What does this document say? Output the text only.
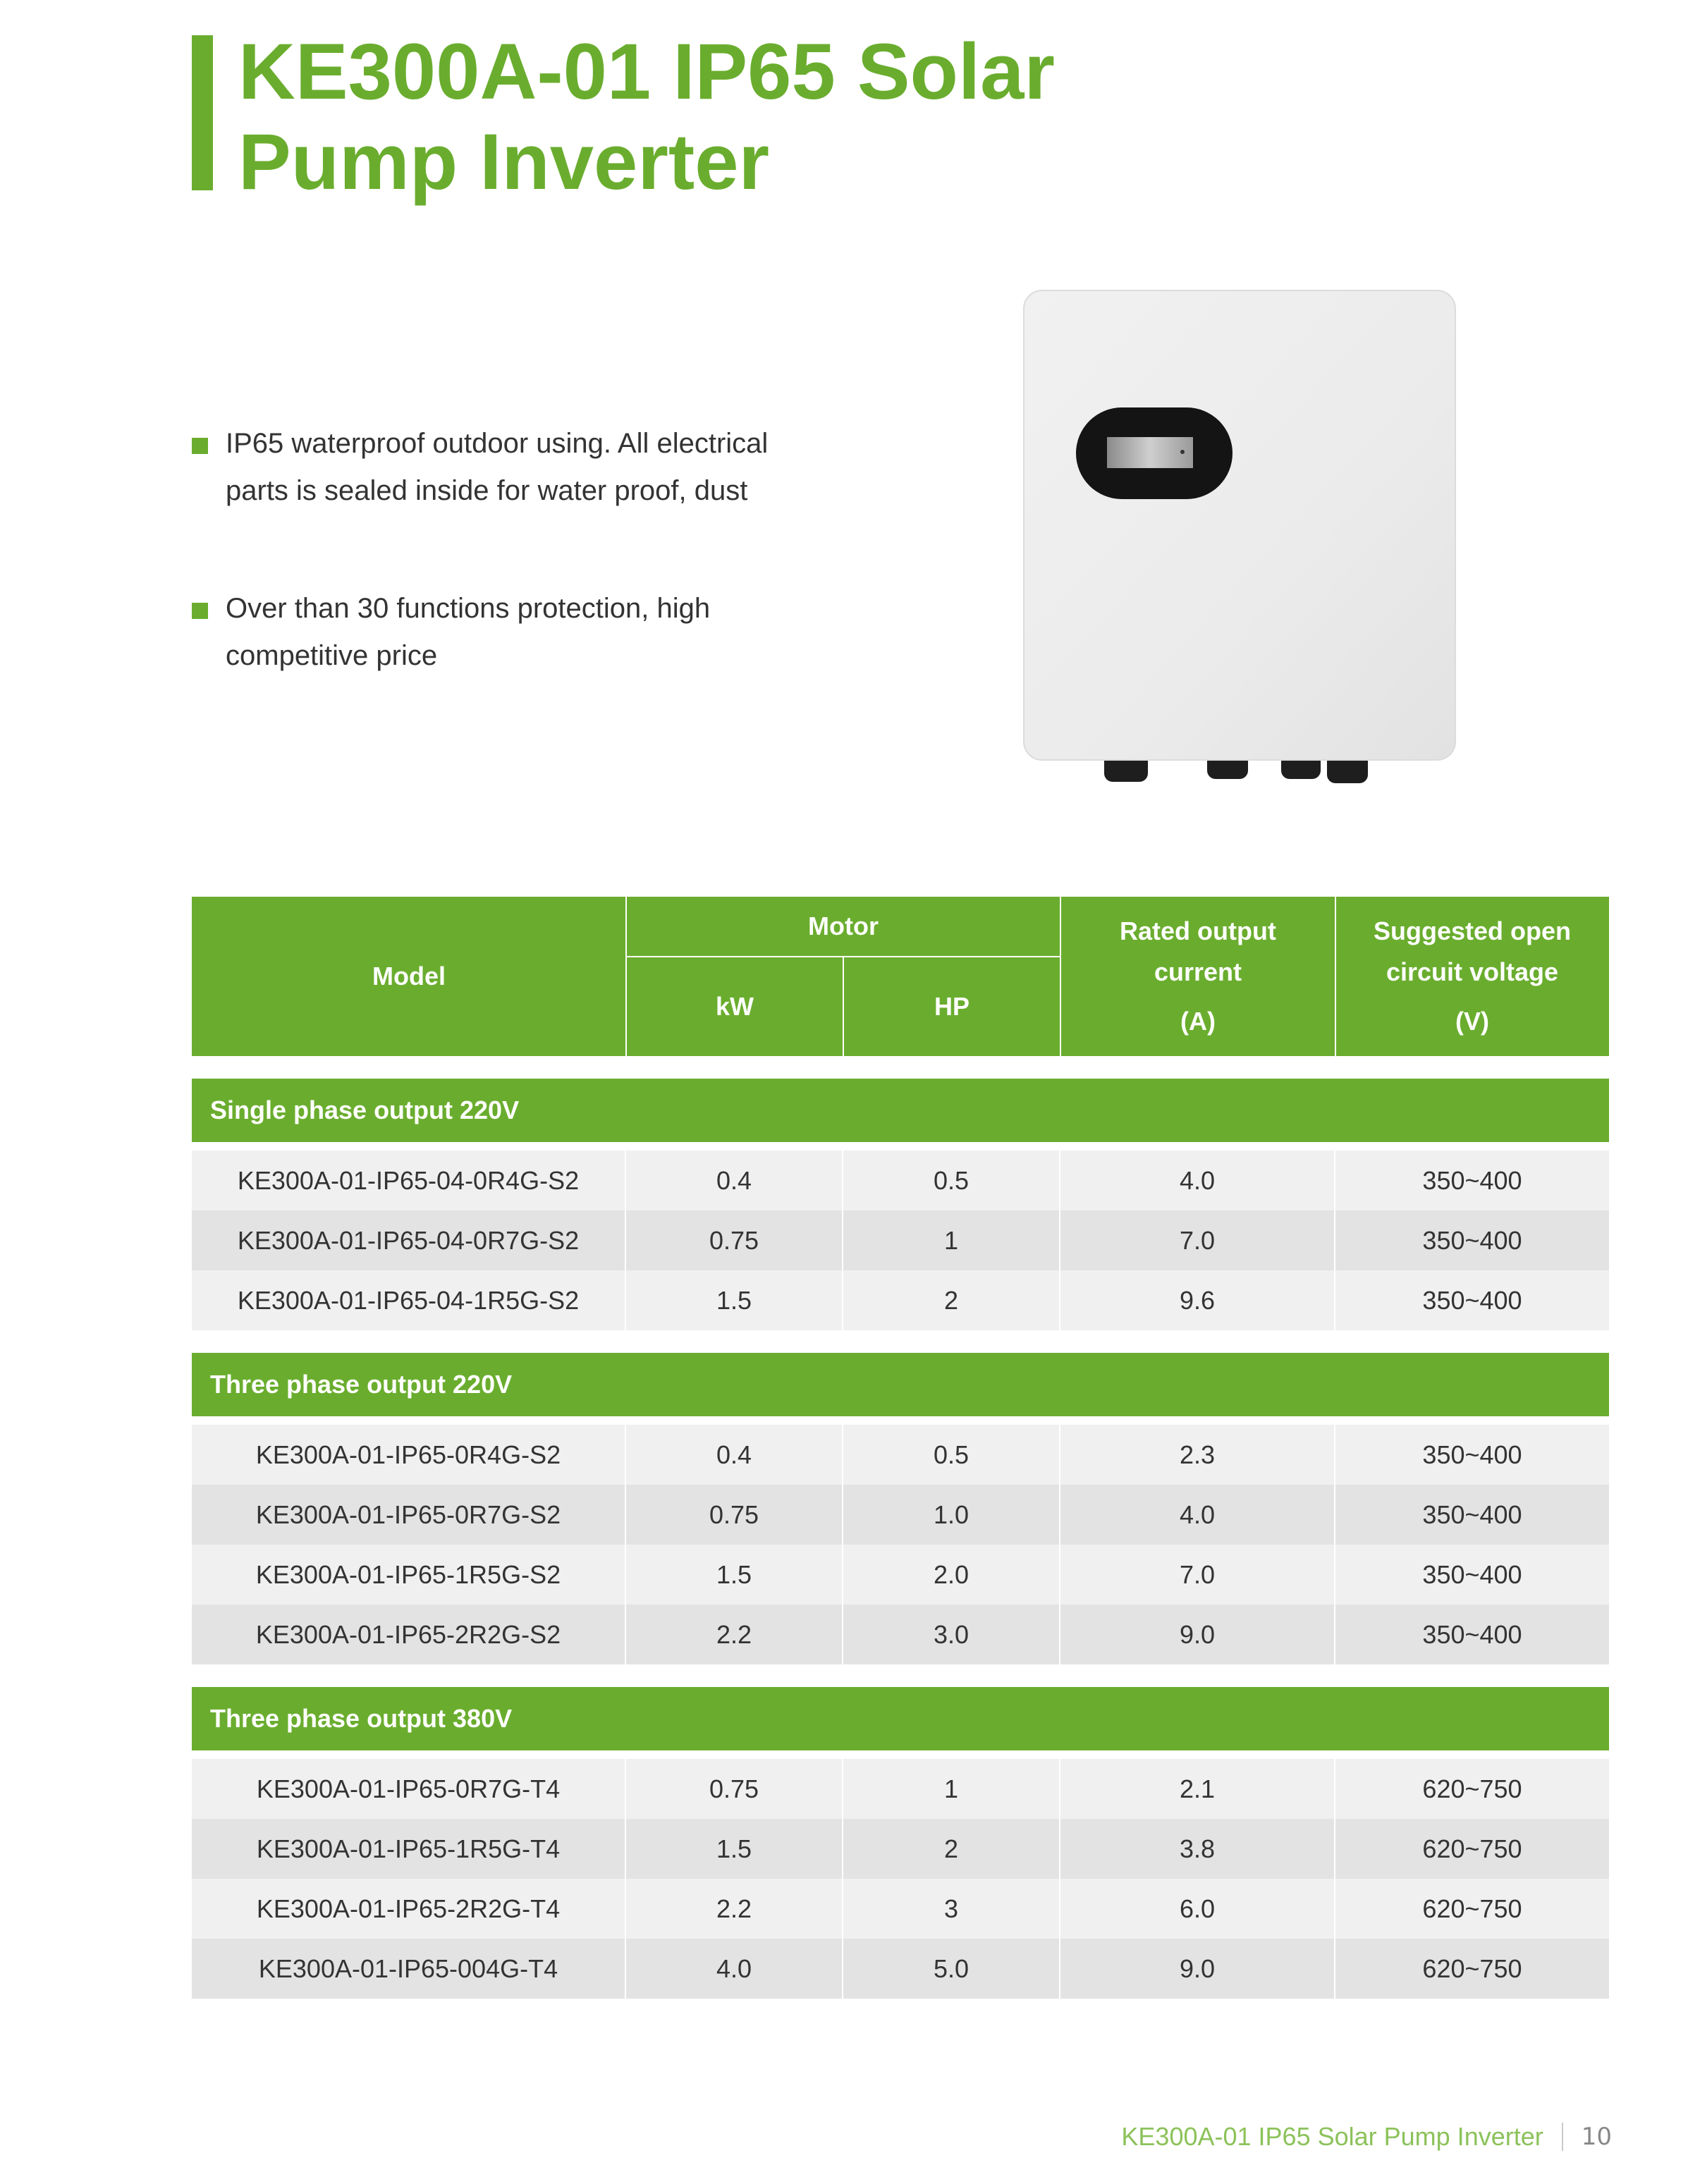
KE300A-01 IP65 Solar Pump Inverter
IP65 waterproof outdoor using. All electrical parts is sealed inside for water proof, dust
Over than 30 functions protection, high competitive price
Model
Motor
kW	HP
Rated output
current
(A)
Suggested open
circuit voltage
(V)
Single phase output 220V
KE300A-01-IP65-04-0R4G-S2	0.4	0.5	4.0	350~400
KE300A-01-IP65-04-0R7G-S2	0.75	1	7.0	350~400
KE300A-01-IP65-04-1R5G-S2	1.5	2	9.6	350~400
Three phase output 220V
KE300A-01-IP65-0R4G-S2	0.4	0.5	2.3	350~400
KE300A-01-IP65-0R7G-S2	0.75	1.0	4.0	350~400
KE300A-01-IP65-1R5G-S2	1.5	2.0	7.0	350~400
KE300A-01-IP65-2R2G-S2	2.2	3.0	9.0	350~400
Three phase output 380V
KE300A-01-IP65-0R7G-T4	0.75	1	2.1	620~750
KE300A-01-IP65-1R5G-T4	1.5	2	3.8	620~750
KE300A-01-IP65-2R2G-T4	2.2	3	6.0	620~750
KE300A-01-IP65-004G-T4	4.0	5.0	9.0	620~750
KE300A-01 IP65 Solar Pump Inverter 10
